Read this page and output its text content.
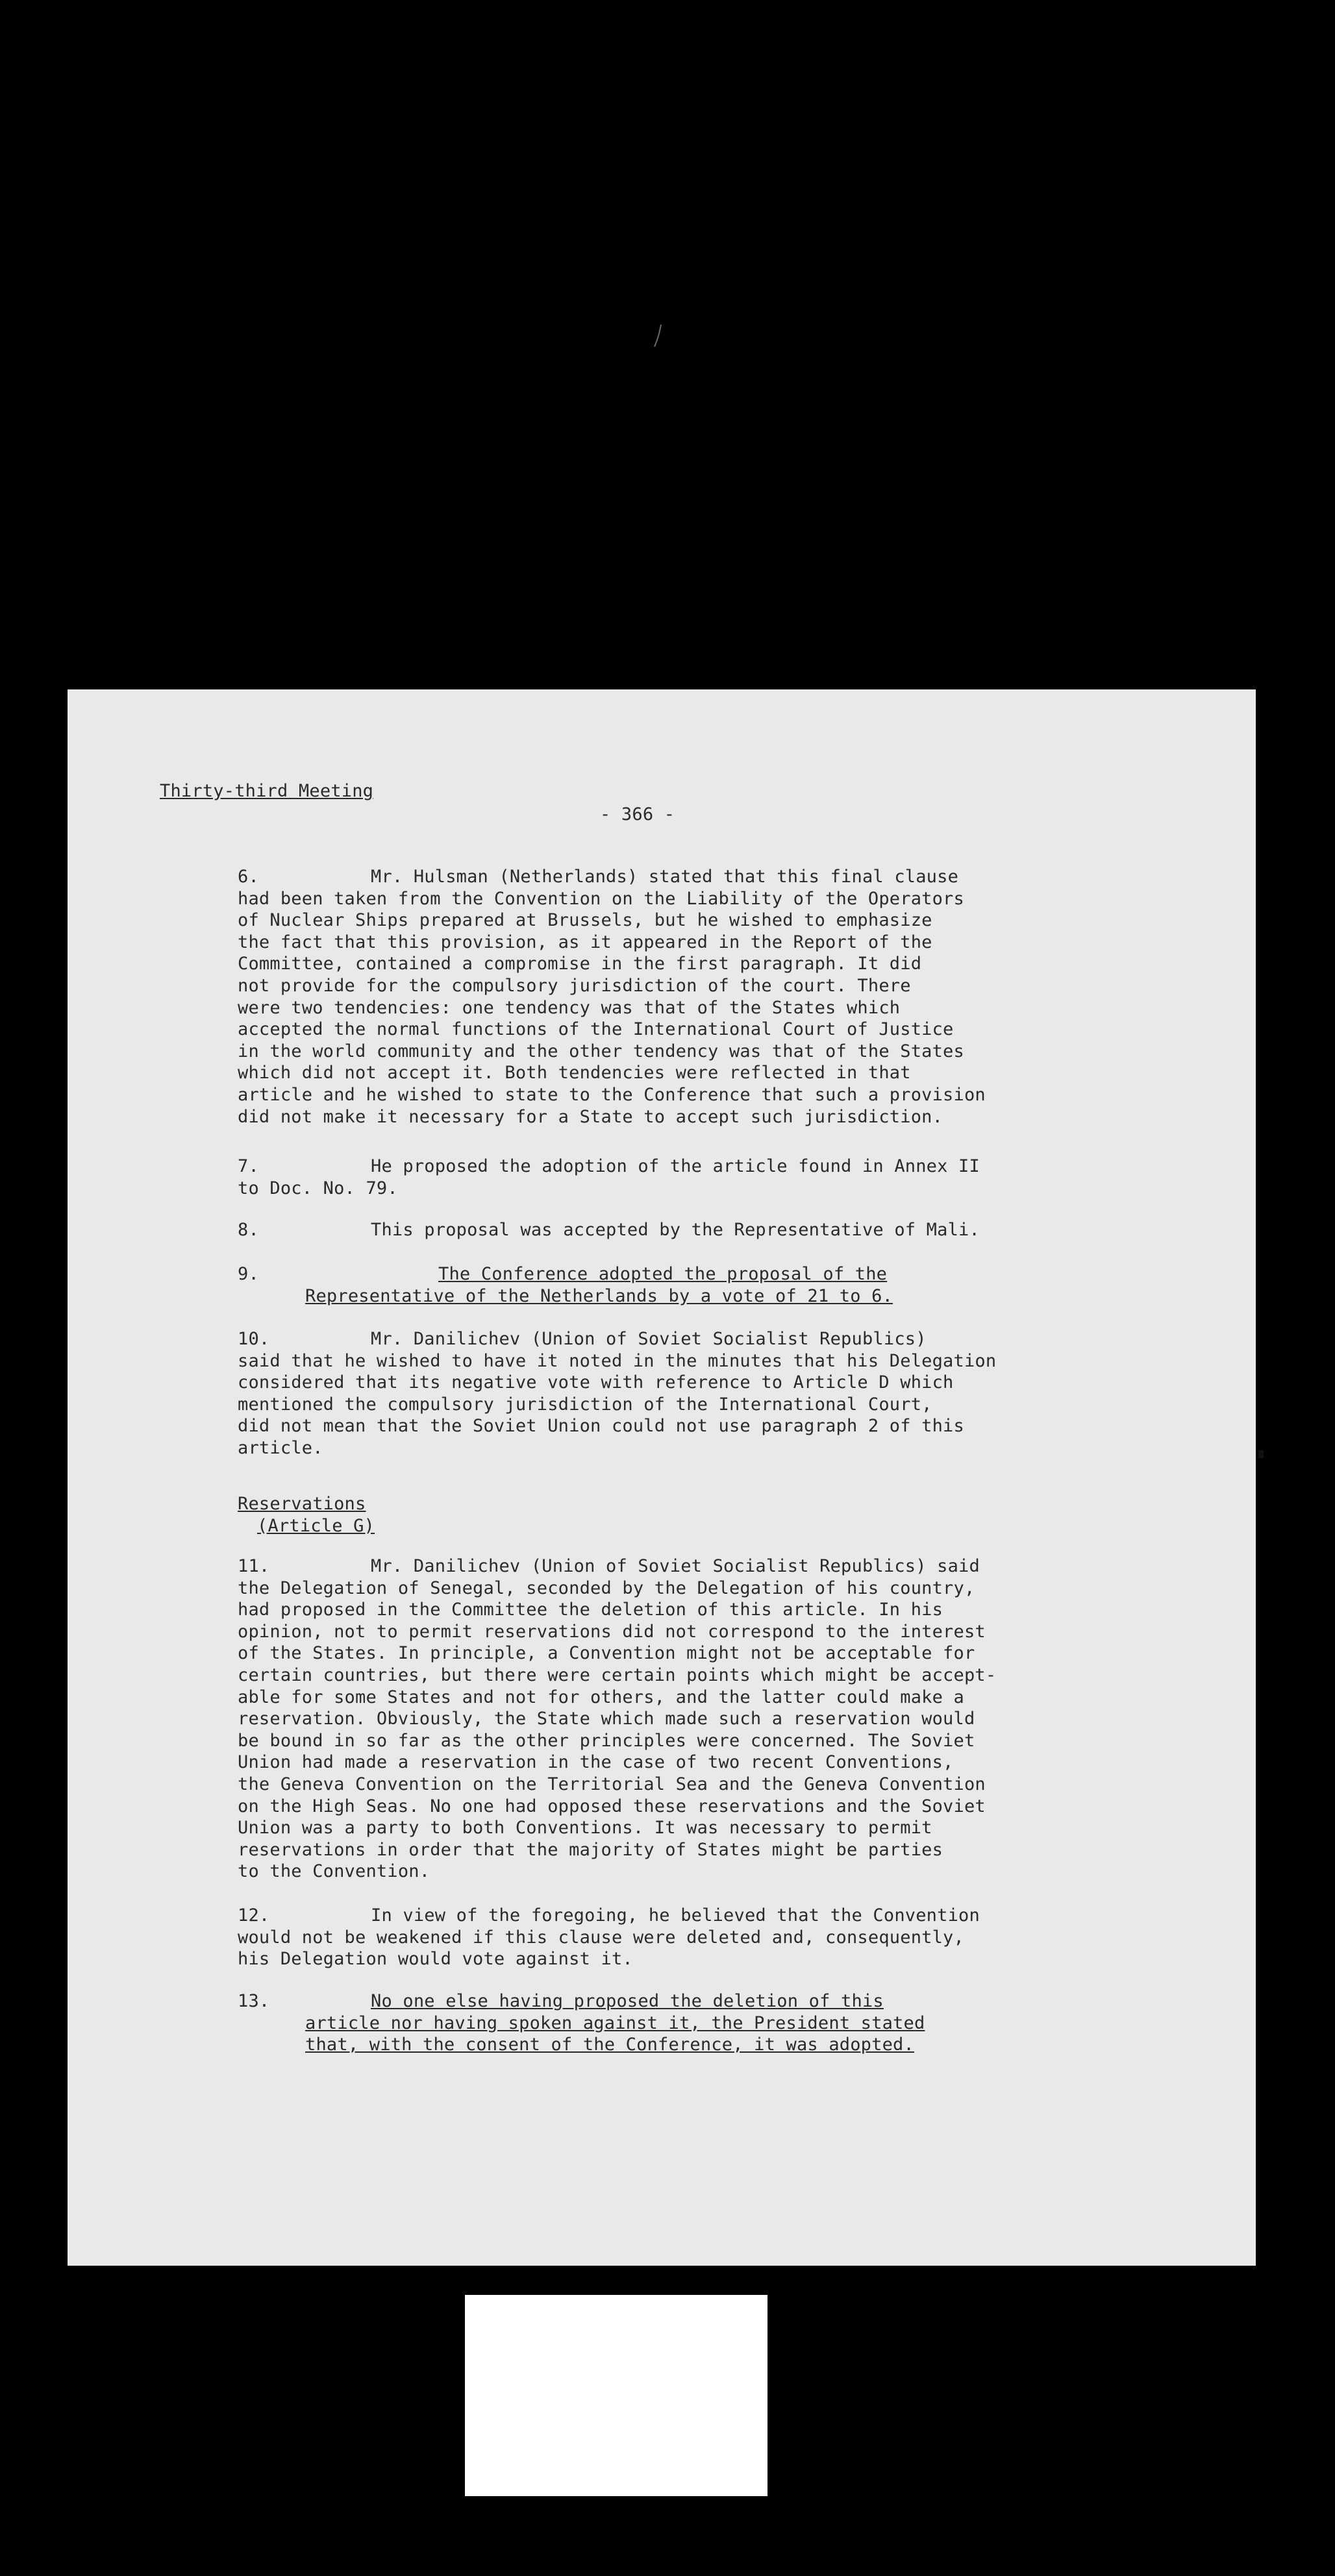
Thirty-third Meeting
- 366 -
6.	Mr. Hulsman (Netherlands) stated that this final clause
had been taken from the Convention on the Liability of the Operators
of Nuclear Ships prepared at Brussels, but he wished to emphasize
the fact that this provision, as it appeared in the Report of the
Committee, contained a compromise in the first paragraph. It did
not provide for the compulsory jurisdiction of the court. There
were two tendencies: one tendency was that of the States which
accepted the normal functions of the International Court of Justice
in the world community and the other tendency was that of the States
which did not accept it. Both tendencies were reflected in that
article and he wished to state to the Conference that such a provision
did not make it necessary for a State to accept such jurisdiction.
7.	He proposed the adoption of the article found in Annex II
to Doc. No. 79.
8.	This proposal was accepted by the Representative of Mali.
9.	The Conference adopted the proposal of the
Representative of the Netherlands by a vote of 21 to 6.
10.	Mr. Danilichev (Union of Soviet Socialist Republics)
said that he wished to have it noted in the minutes that his Delegation
considered that its negative vote with reference to Article D which
mentioned the compulsory jurisdiction of the International Court,
did not mean that the Soviet Union could not use paragraph 2 of this
article.
Reservations
(Article G)
11.	Mr. Danilichev (Union of Soviet Socialist Republics) said
the Delegation of Senegal, seconded by the Delegation of his country,
had proposed in the Committee the deletion of this article. In his
opinion, not to permit reservations did not correspond to the interest
of the States. In principle, a Convention might not be acceptable for
certain countries, but there were certain points which might be accept-
able for some States and not for others, and the latter could make a
reservation. Obviously, the State which made such a reservation would
be bound in so far as the other principles were concerned. The Soviet
Union had made a reservation in the case of two recent Conventions,
the Geneva Convention on the Territorial Sea and the Geneva Convention
on the High Seas. No one had opposed these reservations and the Soviet
Union was a party to both Conventions. It was necessary to permit
reservations in order that the majority of States might be parties
to the Convention.
12.	In view of the foregoing, he believed that the Convention
would not be weakened if this clause were deleted and, consequently,
his Delegation would vote against it.
13.	No one else having proposed the deletion of this
article nor having spoken against it, the President stated
that, with the consent of the Conference, it was adopted.
